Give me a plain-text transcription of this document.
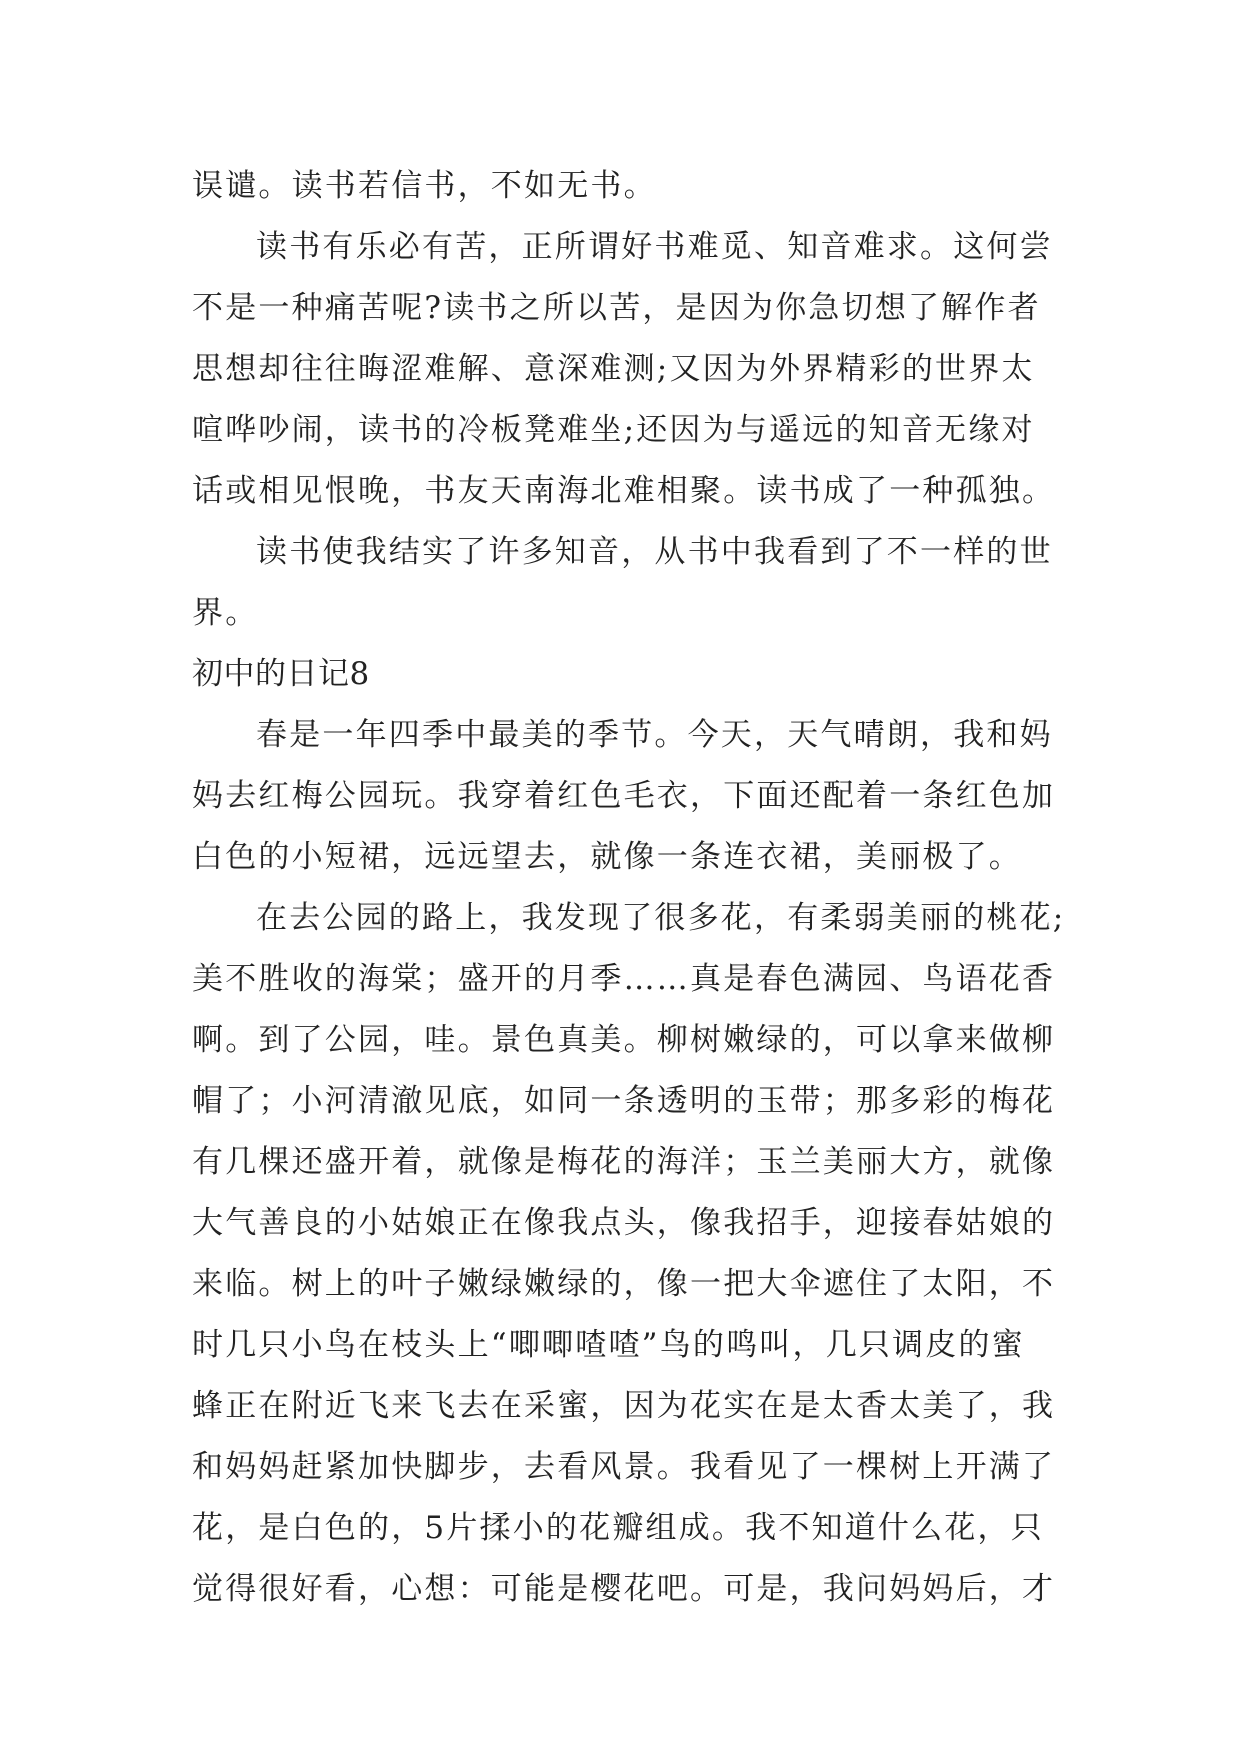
误谴。读书若信书，不如无书。
读书有乐必有苦，正所谓好书难觅、知音难求。这何尝
不是一种痛苦呢?读书之所以苦，是因为你急切想了解作者
思想却往往晦涩难解、意深难测;又因为外界精彩的世界太
喧哗吵闹，读书的冷板凳难坐;还因为与遥远的知音无缘对
话或相见恨晚，书友天南海北难相聚。读书成了一种孤独。
读书使我结实了许多知音，从书中我看到了不一样的世
界。
初中的日记8
春是一年四季中最美的季节。今天，天气晴朗，我和妈
妈去红梅公园玩。我穿着红色毛衣，下面还配着一条红色加
白色的小短裙，远远望去，就像一条连衣裙，美丽极了。
在去公园的路上，我发现了很多花，有柔弱美丽的桃花;
美不胜收的海棠；盛开的月季……真是春色满园、鸟语花香
啊。到了公园，哇。景色真美。柳树嫩绿的，可以拿来做柳
帽了；小河清澈见底，如同一条透明的玉带；那多彩的梅花
有几棵还盛开着，就像是梅花的海洋；玉兰美丽大方，就像
大气善良的小姑娘正在像我点头，像我招手，迎接春姑娘的
来临。树上的叶子嫩绿嫩绿的，像一把大伞遮住了太阳，不
时几只小鸟在枝头上“唧唧喳喳”鸟的鸣叫，几只调皮的蜜
蜂正在附近飞来飞去在采蜜，因为花实在是太香太美了，我
和妈妈赶紧加快脚步，去看风景。我看见了一棵树上开满了
花，是白色的，5片揉小的花瓣组成。我不知道什么花，只
觉得很好看，心想：可能是樱花吧。可是，我问妈妈后，才
